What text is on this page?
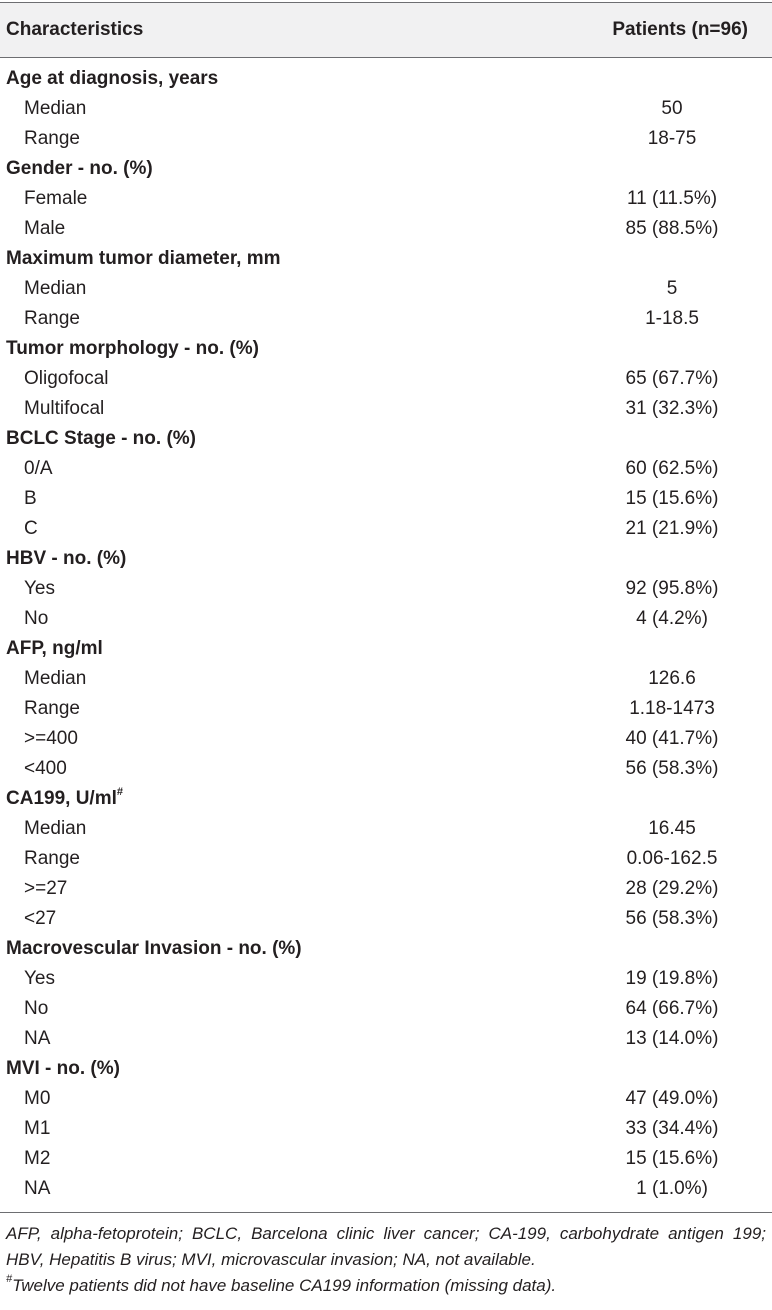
Characteristics	Patients (n=96)
Age at diagnosis, years	
Median	50
Range	18-75
Gender - no. (%)	
Female	11 (11.5%)
Male	85 (88.5%)
Maximum tumor diameter, mm	
Median	5
Range	1-18.5
Tumor morphology - no. (%)	
Oligofocal	65 (67.7%)
Multifocal	31 (32.3%)
BCLC Stage - no. (%)	
0/A	60 (62.5%)
B	15 (15.6%)
C	21 (21.9%)
HBV - no. (%)	
Yes	92 (95.8%)
No	4 (4.2%)
AFP, ng/ml	
Median	126.6
Range	1.18-1473
>=400	40 (41.7%)
<400	56 (58.3%)
CA199, U/ml#
Median	16.45
Range	0.06-162.5
>=27	28 (29.2%)
<27	56 (58.3%)
Macrovescular Invasion - no. (%)	
Yes	19 (19.8%)
No	64 (66.7%)
NA	13 (14.0%)
MVI - no. (%)	
M0	47 (49.0%)
M1	33 (34.4%)
M2	15 (15.6%)
NA	1 (1.0%)

AFP, alpha-fetoprotein; BCLC, Barcelona clinic liver cancer; CA-199, carbohydrate antigen 199; HBV, Hepatitis B virus; MVI, microvascular invasion; NA, not available.

#Twelve patients did not have baseline CA199 information (missing data).
